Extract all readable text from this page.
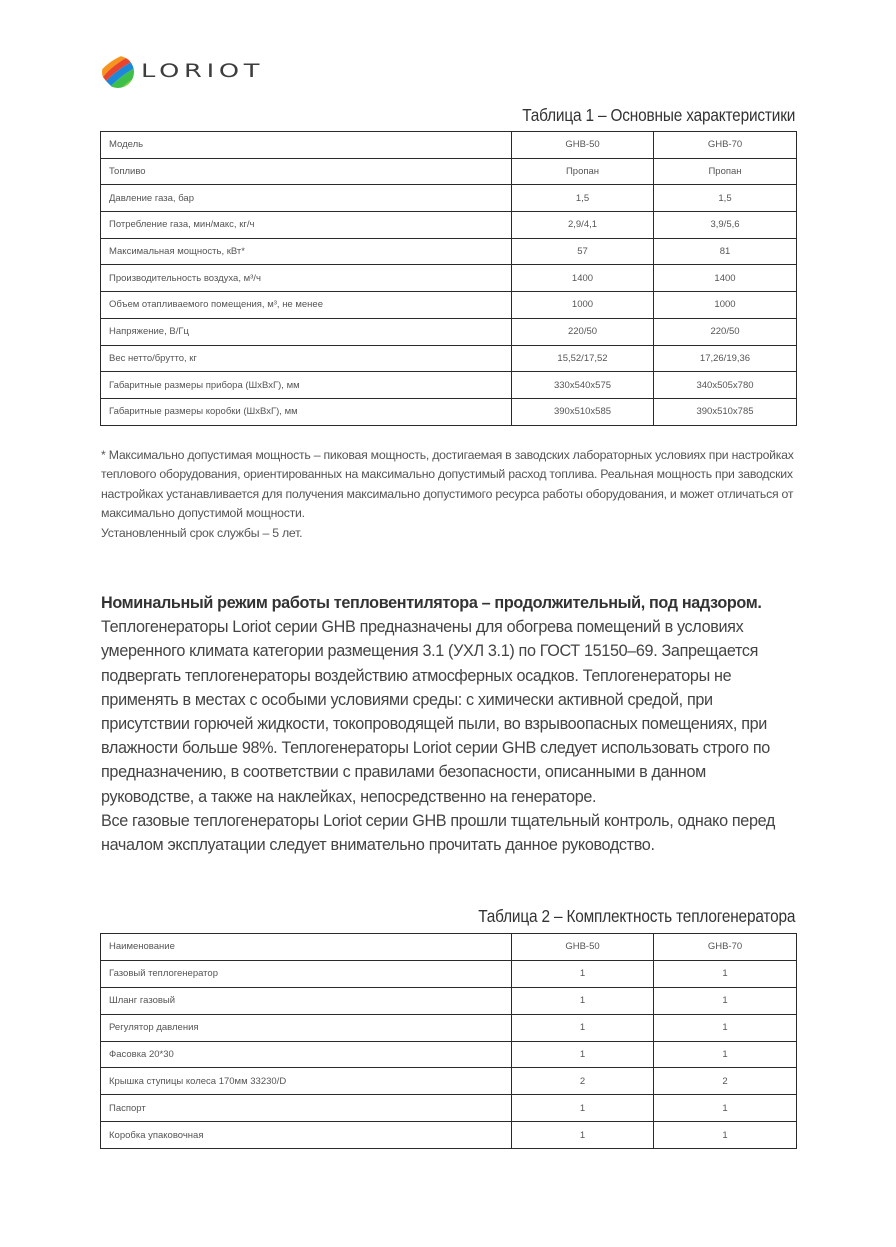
LORIOT
Таблица 1 – Основные характеристики
Модель	GHB-50	GHB-70
Топливо	Пропан	Пропан
Давление газа, бар	1,5	1,5
Потребление газа, мин/макс, кг/ч	2,9/4,1	3,9/5,6
Максимальная мощность, кВт*	57	81
Производительность воздуха, м³/ч	1400	1400
Объем отапливаемого помещения, м³, не менее	1000	1000
Напряжение, В/Гц	220/50	220/50
Вес нетто/брутто, кг	15,52/17,52	17,26/19,36
Габаритные размеры прибора (ШхВхГ), мм	330х540х575	340х505х780
Габаритные размеры коробки (ШхВхГ), мм	390х510х585	390х510х785

* Максимально допустимая мощность – пиковая мощность, достигаемая в заводских лабораторных условиях при настройках теплового оборудования, ориентированных на максимально допустимый расход топлива. Реальная мощность при заводских настройках устанавливается для получения максимально допустимого ресурса работы оборудования, и может отличаться от максимально допустимой мощности.

Установленный срок службы – 5 лет.

Номинальный режим работы тепловентилятора – продолжительный, под надзором.

Теплогенераторы Loriot серии GHB предназначены для обогрева помещений в условиях умеренного климата категории размещения 3.1 (УХЛ 3.1) по ГОСТ 15150–69. Запрещается подвергать теплогенераторы воздействию атмосферных осадков. Теплогенераторы не применять в местах с особыми условиями среды: с химически активной средой, при присутствии горючей жидкости, токопроводящей пыли, во взрывоопасных помещениях, при влажности больше 98%. Теплогенераторы Loriot серии GHB следует использовать строго по предназначению, в соответствии с правилами безопасности, описанными в данном руководстве, а также на наклейках, непосредственно на генераторе.

Все газовые теплогенераторы Loriot серии GHB прошли тщательный контроль, однако перед началом эксплуатации следует внимательно прочитать данное руководство.

Таблица 2 – Комплектность теплогенератора
Наименование	GHB-50	GHB-70
Газовый теплогенератор	1	1
Шланг газовый	1	1
Регулятор давления	1	1
Фасовка 20*30	1	1
Крышка ступицы колеса 170мм 33230/D	2	2
Паспорт	1	1
Коробка упаковочная	1	1
